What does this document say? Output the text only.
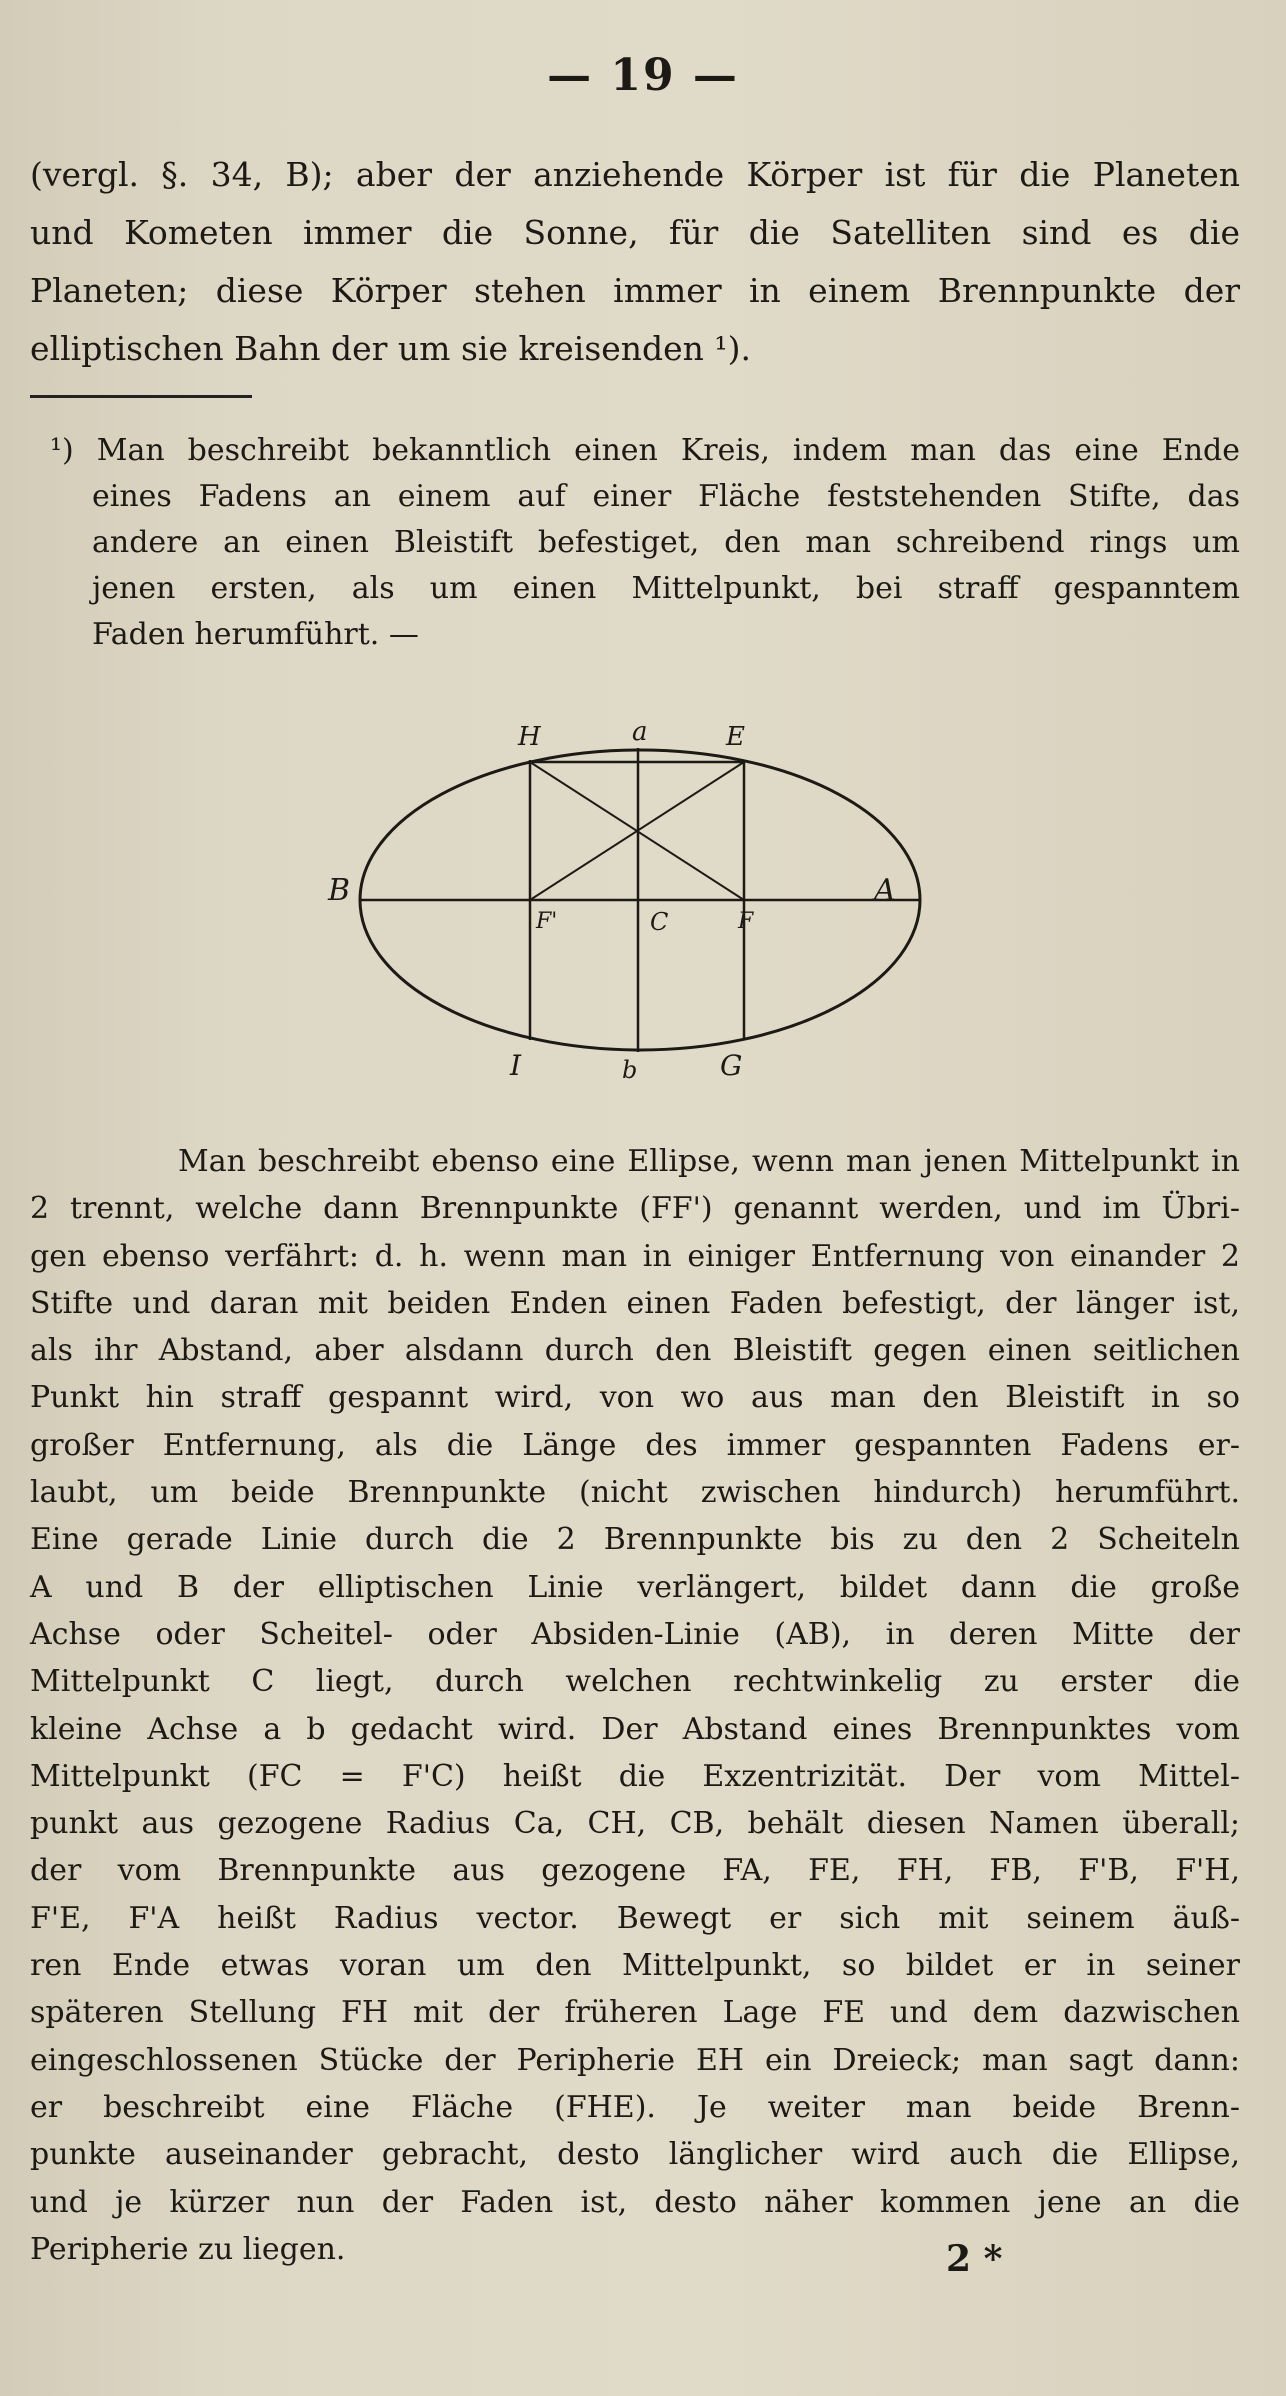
— 19 —
(vergl. §. 34, B); aber der anziehende Körper ist für die Planeten
und Kometen immer die Sonne, für die Satelliten sind es die
Planeten; diese Körper stehen immer in einem Brennpunkte der
elliptischen Bahn der um sie kreisenden ¹).
¹) Man beschreibt bekanntlich einen Kreis, indem man das eine Ende
eines Fadens an einem auf einer Fläche feststehenden Stifte, das
andere an einen Bleistift befestiget, den man schreibend rings um
jenen ersten, als um einen Mittelpunkt, bei straff gespanntem
Faden herumführt. —
H	a	E
B	A
F'	C	F
I	b	G
Man beschreibt ebenso eine Ellipse, wenn man jenen Mittelpunkt in
2 trennt, welche dann Brennpunkte (FF') genannt werden, und im Übri-
gen ebenso verfährt: d. h. wenn man in einiger Entfernung von einander 2
Stifte und daran mit beiden Enden einen Faden befestigt, der länger ist,
als ihr Abstand, aber alsdann durch den Bleistift gegen einen seitlichen
Punkt hin straff gespannt wird, von wo aus man den Bleistift in so
großer Entfernung, als die Länge des immer gespannten Fadens er-
laubt, um beide Brennpunkte (nicht zwischen hindurch) herumführt.
Eine gerade Linie durch die 2 Brennpunkte bis zu den 2 Scheiteln
A und B der elliptischen Linie verlängert, bildet dann die große
Achse oder Scheitel- oder Absiden-Linie (AB), in deren Mitte der
Mittelpunkt C liegt, durch welchen rechtwinkelig zu erster die
kleine Achse a b gedacht wird. Der Abstand eines Brennpunktes vom
Mittelpunkt (FC = F'C) heißt die Exzentrizität. Der vom Mittel-
punkt aus gezogene Radius Ca, CH, CB, behält diesen Namen überall;
der vom Brennpunkte aus gezogene FA, FE, FH, FB, F'B, F'H,
F'E, F'A heißt Radius vector. Bewegt er sich mit seinem äuß-
ren Ende etwas voran um den Mittelpunkt, so bildet er in seiner
späteren Stellung FH mit der früheren Lage FE und dem dazwischen
eingeschlossenen Stücke der Peripherie EH ein Dreieck; man sagt dann:
er beschreibt eine Fläche (FHE). Je weiter man beide Brenn-
punkte auseinander gebracht, desto länglicher wird auch die Ellipse,
und je kürzer nun der Faden ist, desto näher kommen jene an die
Peripherie zu liegen.	2 *
